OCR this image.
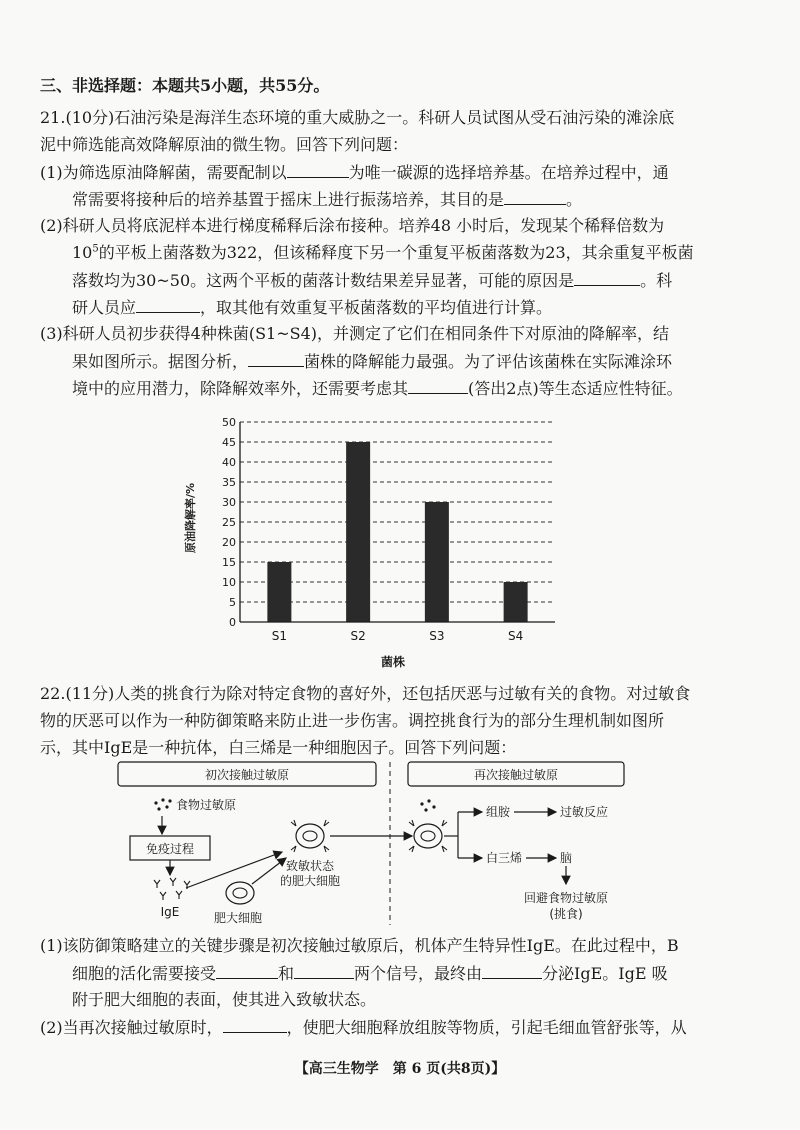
三、非选择题：本题共5小题，共55分。
21.(10分)石油污染是海洋生态环境的重大威胁之一。科研人员试图从受石油污染的滩涂底
泥中筛选能高效降解原油的微生物。回答下列问题：
(1)为筛选原油降解菌，需要配制以	为唯一碳源的选择培养基。在培养过程中，通
常需要将接种后的培养基置于摇床上进行振荡培养，其目的是	。
(2)科研人员将底泥样本进行梯度稀释后涂布接种。培养48 小时后，发现某个稀释倍数为
$10^5$的平板上菌落数为322，但该稀释度下另一个重复平板菌落数为23，其余重复平板菌
落数均为30~50。这两个平板的菌落计数结果差异显著，可能的原因是	。科
研人员应	，取其他有效重复平板菌落数的平均值进行计算。
(3)科研人员初步获得4种株菌(S1~S4)，并测定了它们在相同条件下对原油的降解率，结
果如图所示。据图分析，	菌株的降解能力最强。为了评估该菌株在实际滩涂环
境中的应用潜力，除降解效率外，还需要考虑其	(答出2点)等生态适应性特征。
0
5
10
15
20
25
30
35
40
45
50
S1	S2	S3	S4
原油降解率/%
菌株
22.(11分)人类的挑食行为除对特定食物的喜好外，还包括厌恶与过敏有关的食物。对过敏食
物的厌恶可以作为一种防御策略来防止进一步伤害。调控挑食行为的部分生理机制如图所
示，其中IgE是一种抗体，白三烯是一种细胞因子。回答下列问题：
初次接触过敏原	再次接触过敏原
食物过敏原
免疫过程
IgE	肥大细胞
致敏状态
的肥大细胞
组胺	过敏反应
白三烯	脑
回避食物过敏原
(挑食)
(1)该防御策略建立的关键步骤是初次接触过敏原后，机体产生特异性IgE。在此过程中，B
细胞的活化需要接受	和	两个信号，最终由	分泌IgE。IgE 吸
附于肥大细胞的表面，使其进入致敏状态。
(2)当再次接触过敏原时，	，使肥大细胞释放组胺等物质，引起毛细血管舒张等，从
【高三生物学　第 6 页(共8页)】
